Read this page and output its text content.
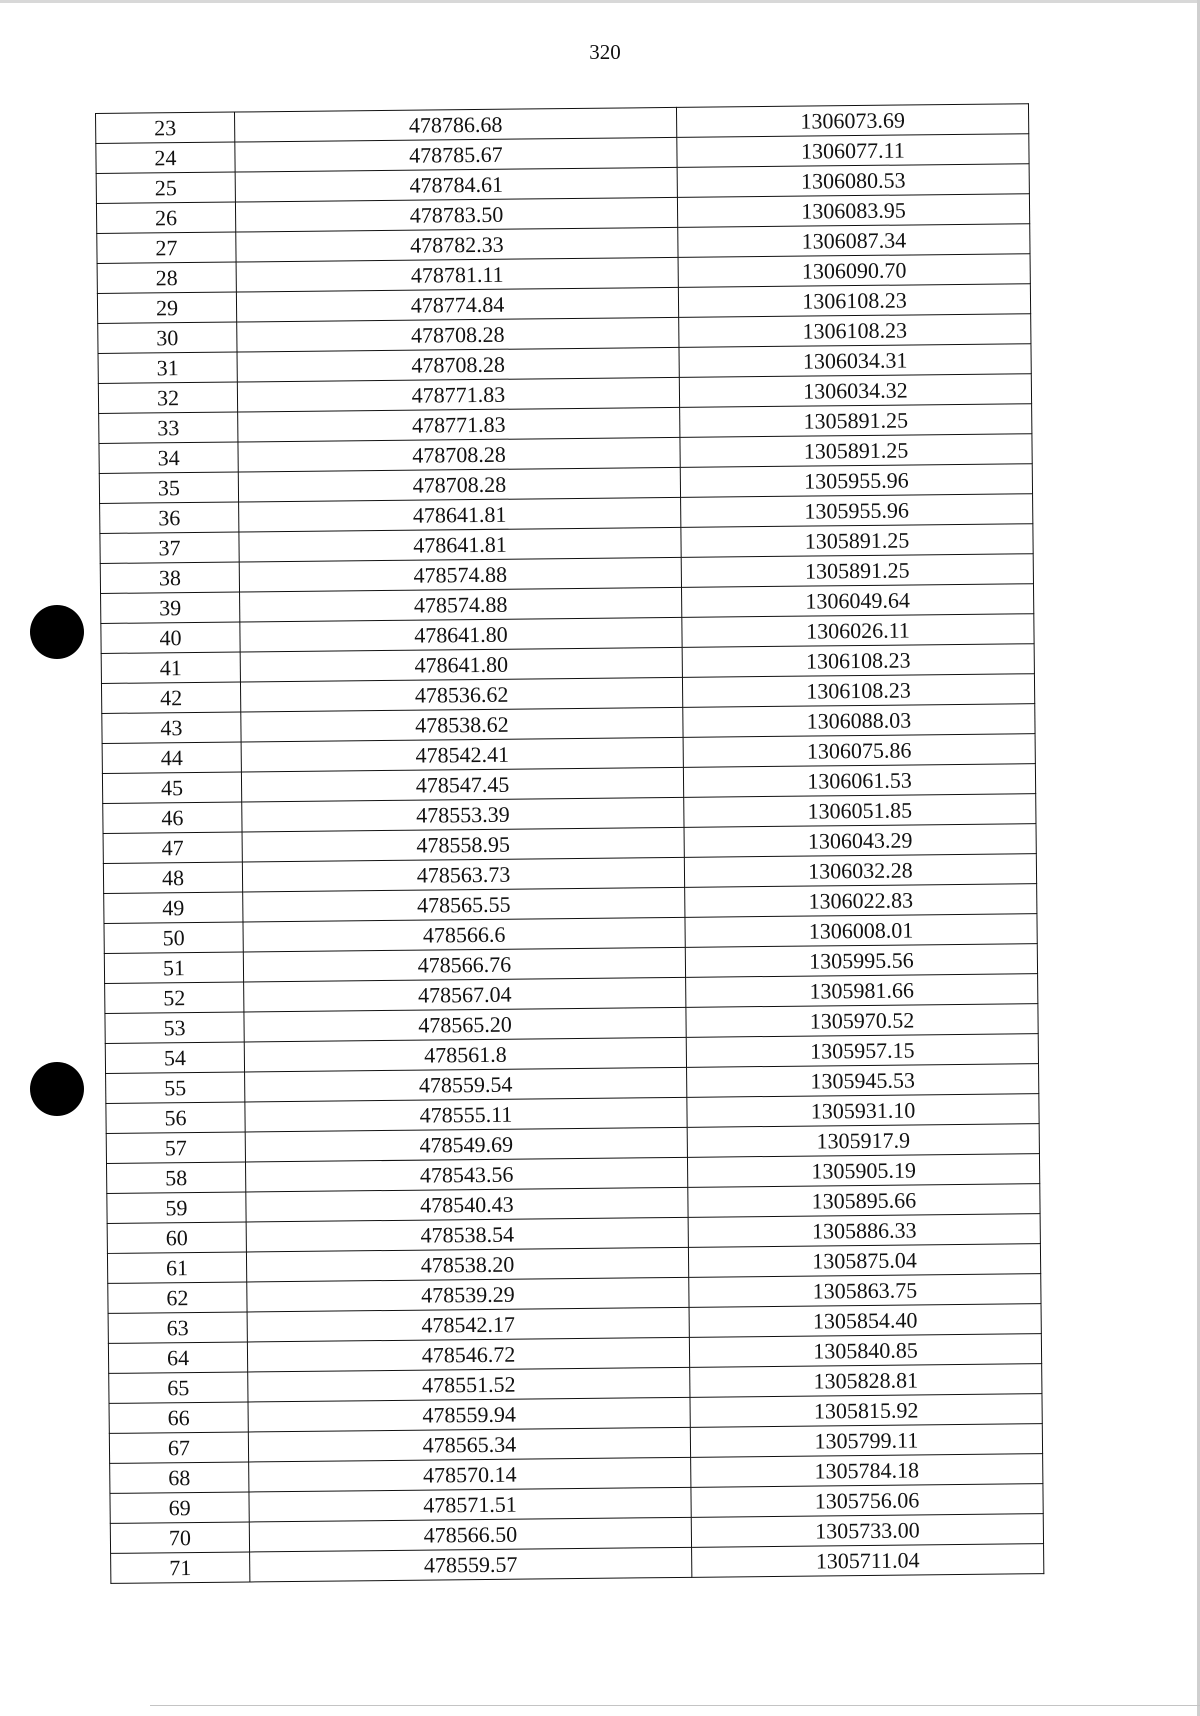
320
23	478786.68	1306073.69
24	478785.67	1306077.11
25	478784.61	1306080.53
26	478783.50	1306083.95
27	478782.33	1306087.34
28	478781.11	1306090.70
29	478774.84	1306108.23
30	478708.28	1306108.23
31	478708.28	1306034.31
32	478771.83	1306034.32
33	478771.83	1305891.25
34	478708.28	1305891.25
35	478708.28	1305955.96
36	478641.81	1305955.96
37	478641.81	1305891.25
38	478574.88	1305891.25
39	478574.88	1306049.64
40	478641.80	1306026.11
41	478641.80	1306108.23
42	478536.62	1306108.23
43	478538.62	1306088.03
44	478542.41	1306075.86
45	478547.45	1306061.53
46	478553.39	1306051.85
47	478558.95	1306043.29
48	478563.73	1306032.28
49	478565.55	1306022.83
50	478566.6	1306008.01
51	478566.76	1305995.56
52	478567.04	1305981.66
53	478565.20	1305970.52
54	478561.8	1305957.15
55	478559.54	1305945.53
56	478555.11	1305931.10
57	478549.69	1305917.9
58	478543.56	1305905.19
59	478540.43	1305895.66
60	478538.54	1305886.33
61	478538.20	1305875.04
62	478539.29	1305863.75
63	478542.17	1305854.40
64	478546.72	1305840.85
65	478551.52	1305828.81
66	478559.94	1305815.92
67	478565.34	1305799.11
68	478570.14	1305784.18
69	478571.51	1305756.06
70	478566.50	1305733.00
71	478559.57	1305711.04
